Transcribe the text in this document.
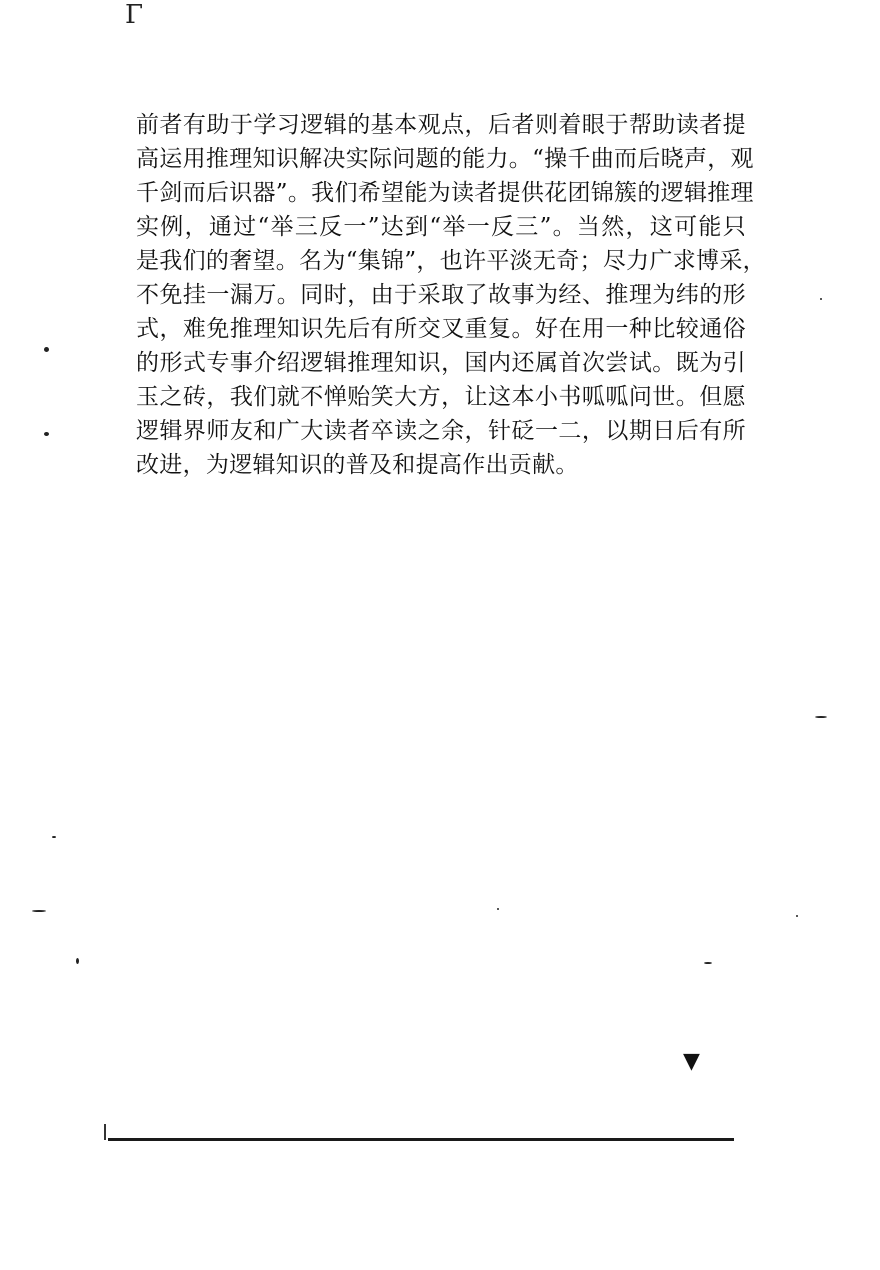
Γ
前者有助于学习逻辑的基本观点，后者则着眼于帮助读者提
高运用推理知识解决实际问题的能力。“操千曲而后晓声，观
千剑而后识器”。我们希望能为读者提供花团锦簇的逻辑推理
实例，通过“举三反一”达到“举一反三”。当然，这可能只
是我们的奢望。名为“集锦”，也许平淡无奇；尽力广求博采，
不免挂一漏万。同时，由于采取了故事为经、推理为纬的形
式，难免推理知识先后有所交叉重复。好在用一种比较通俗
的形式专事介绍逻辑推理知识，国内还属首次尝试。既为引
玉之砖，我们就不惮贻笑大方，让这本小书呱呱问世。但愿
逻辑界师友和广大读者卒读之余，针砭一二，以期日后有所
改进，为逻辑知识的普及和提高作出贡献。
▼
